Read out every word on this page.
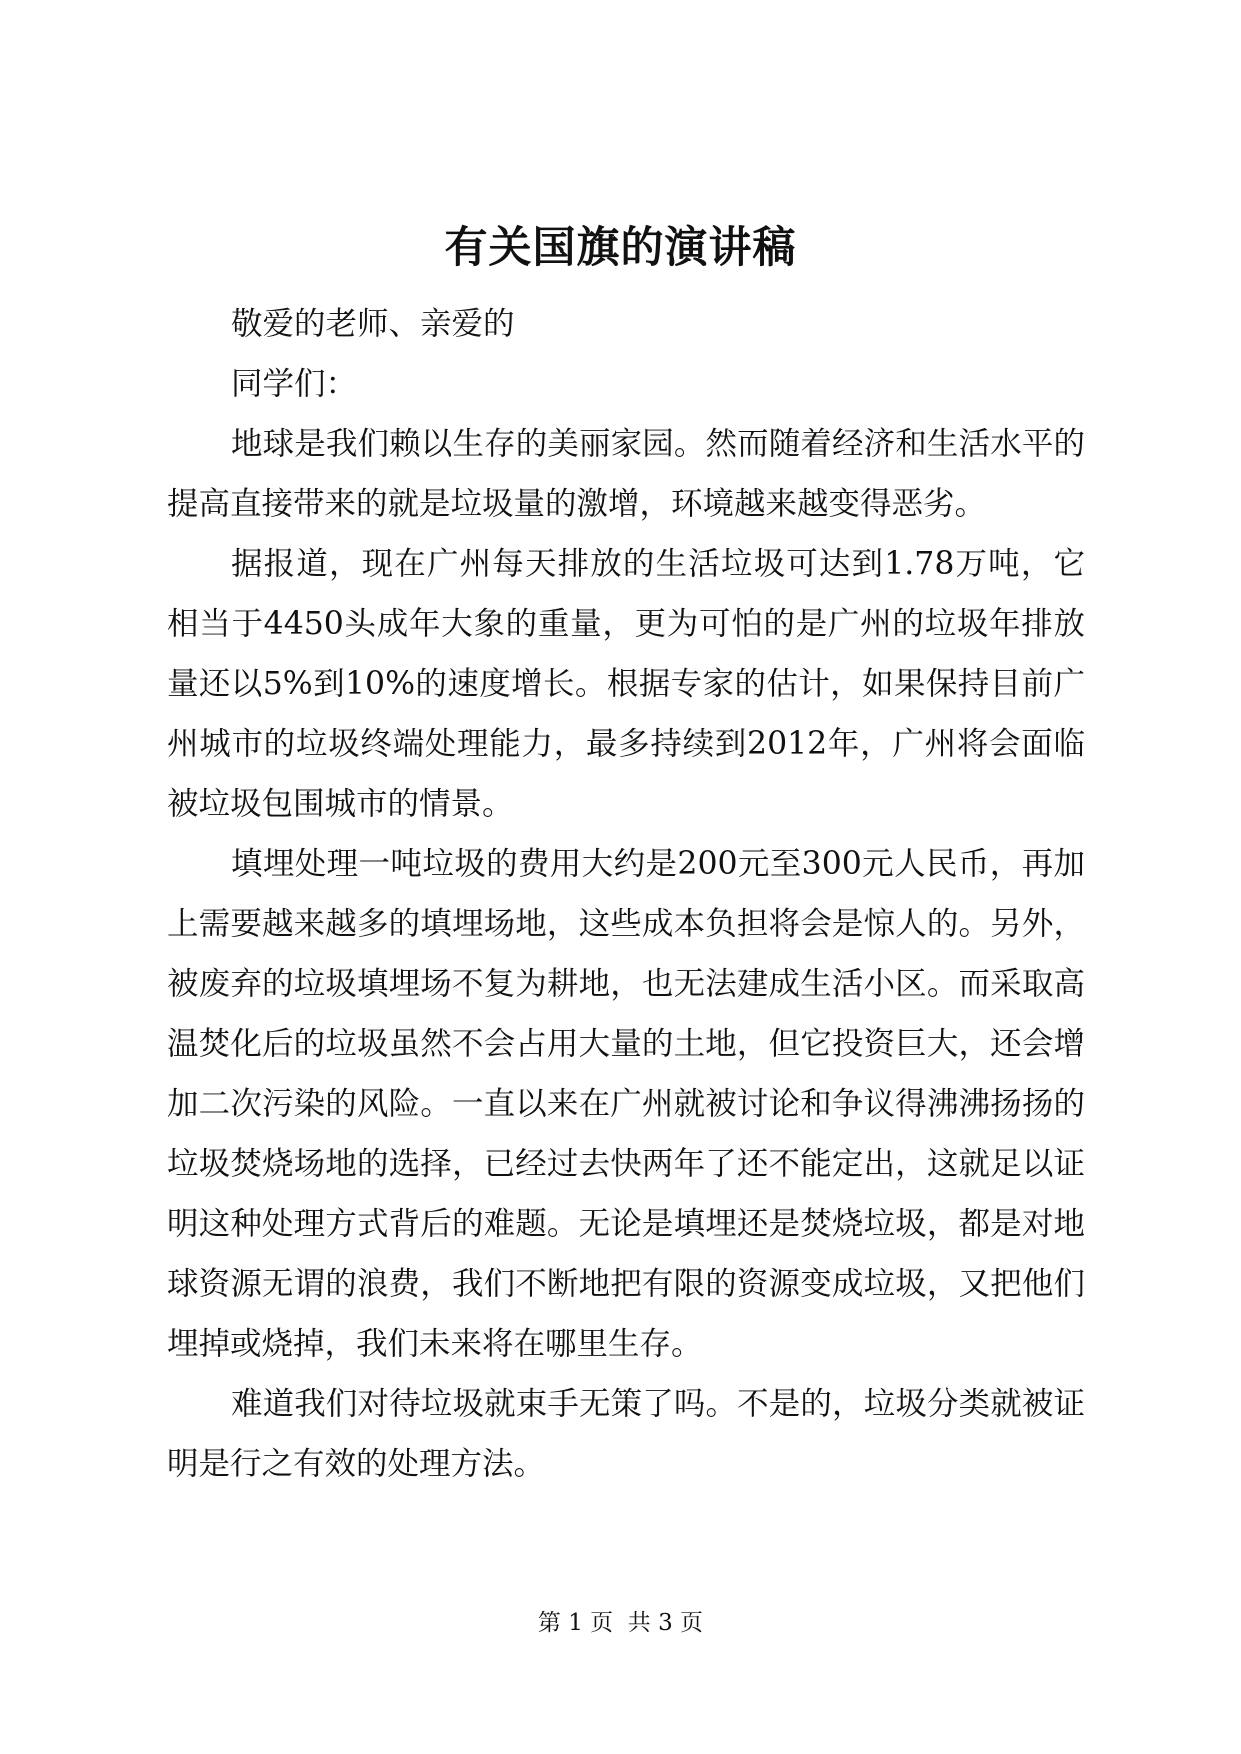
有关国旗的演讲稿

敬爱的老师、亲爱的

同学们：

地球是我们赖以生存的美丽家园。然而随着经济和生活水平的提高直接带来的就是垃圾量的激增，环境越来越变得恶劣。

据报道，现在广州每天排放的生活垃圾可达到1.78万吨，它相当于4450头成年大象的重量，更为可怕的是广州的垃圾年排放量还以5%到10%的速度增长。根据专家的估计，如果保持目前广州城市的垃圾终端处理能力，最多持续到2012年，广州将会面临被垃圾包围城市的情景。

填埋处理一吨垃圾的费用大约是200元至300元人民币，再加上需要越来越多的填埋场地，这些成本负担将会是惊人的。另外，被废弃的垃圾填埋场不复为耕地，也无法建成生活小区。而采取高温焚化后的垃圾虽然不会占用大量的土地，但它投资巨大，还会增加二次污染的风险。一直以来在广州就被讨论和争议得沸沸扬扬的垃圾焚烧场地的选择，已经过去快两年了还不能定出，这就足以证明这种处理方式背后的难题。无论是填埋还是焚烧垃圾，都是对地球资源无谓的浪费，我们不断地把有限的资源变成垃圾，又把他们埋掉或烧掉，我们未来将在哪里生存。

难道我们对待垃圾就束手无策了吗。不是的，垃圾分类就被证明是行之有效的处理方法。

第 1 页  共 3 页
